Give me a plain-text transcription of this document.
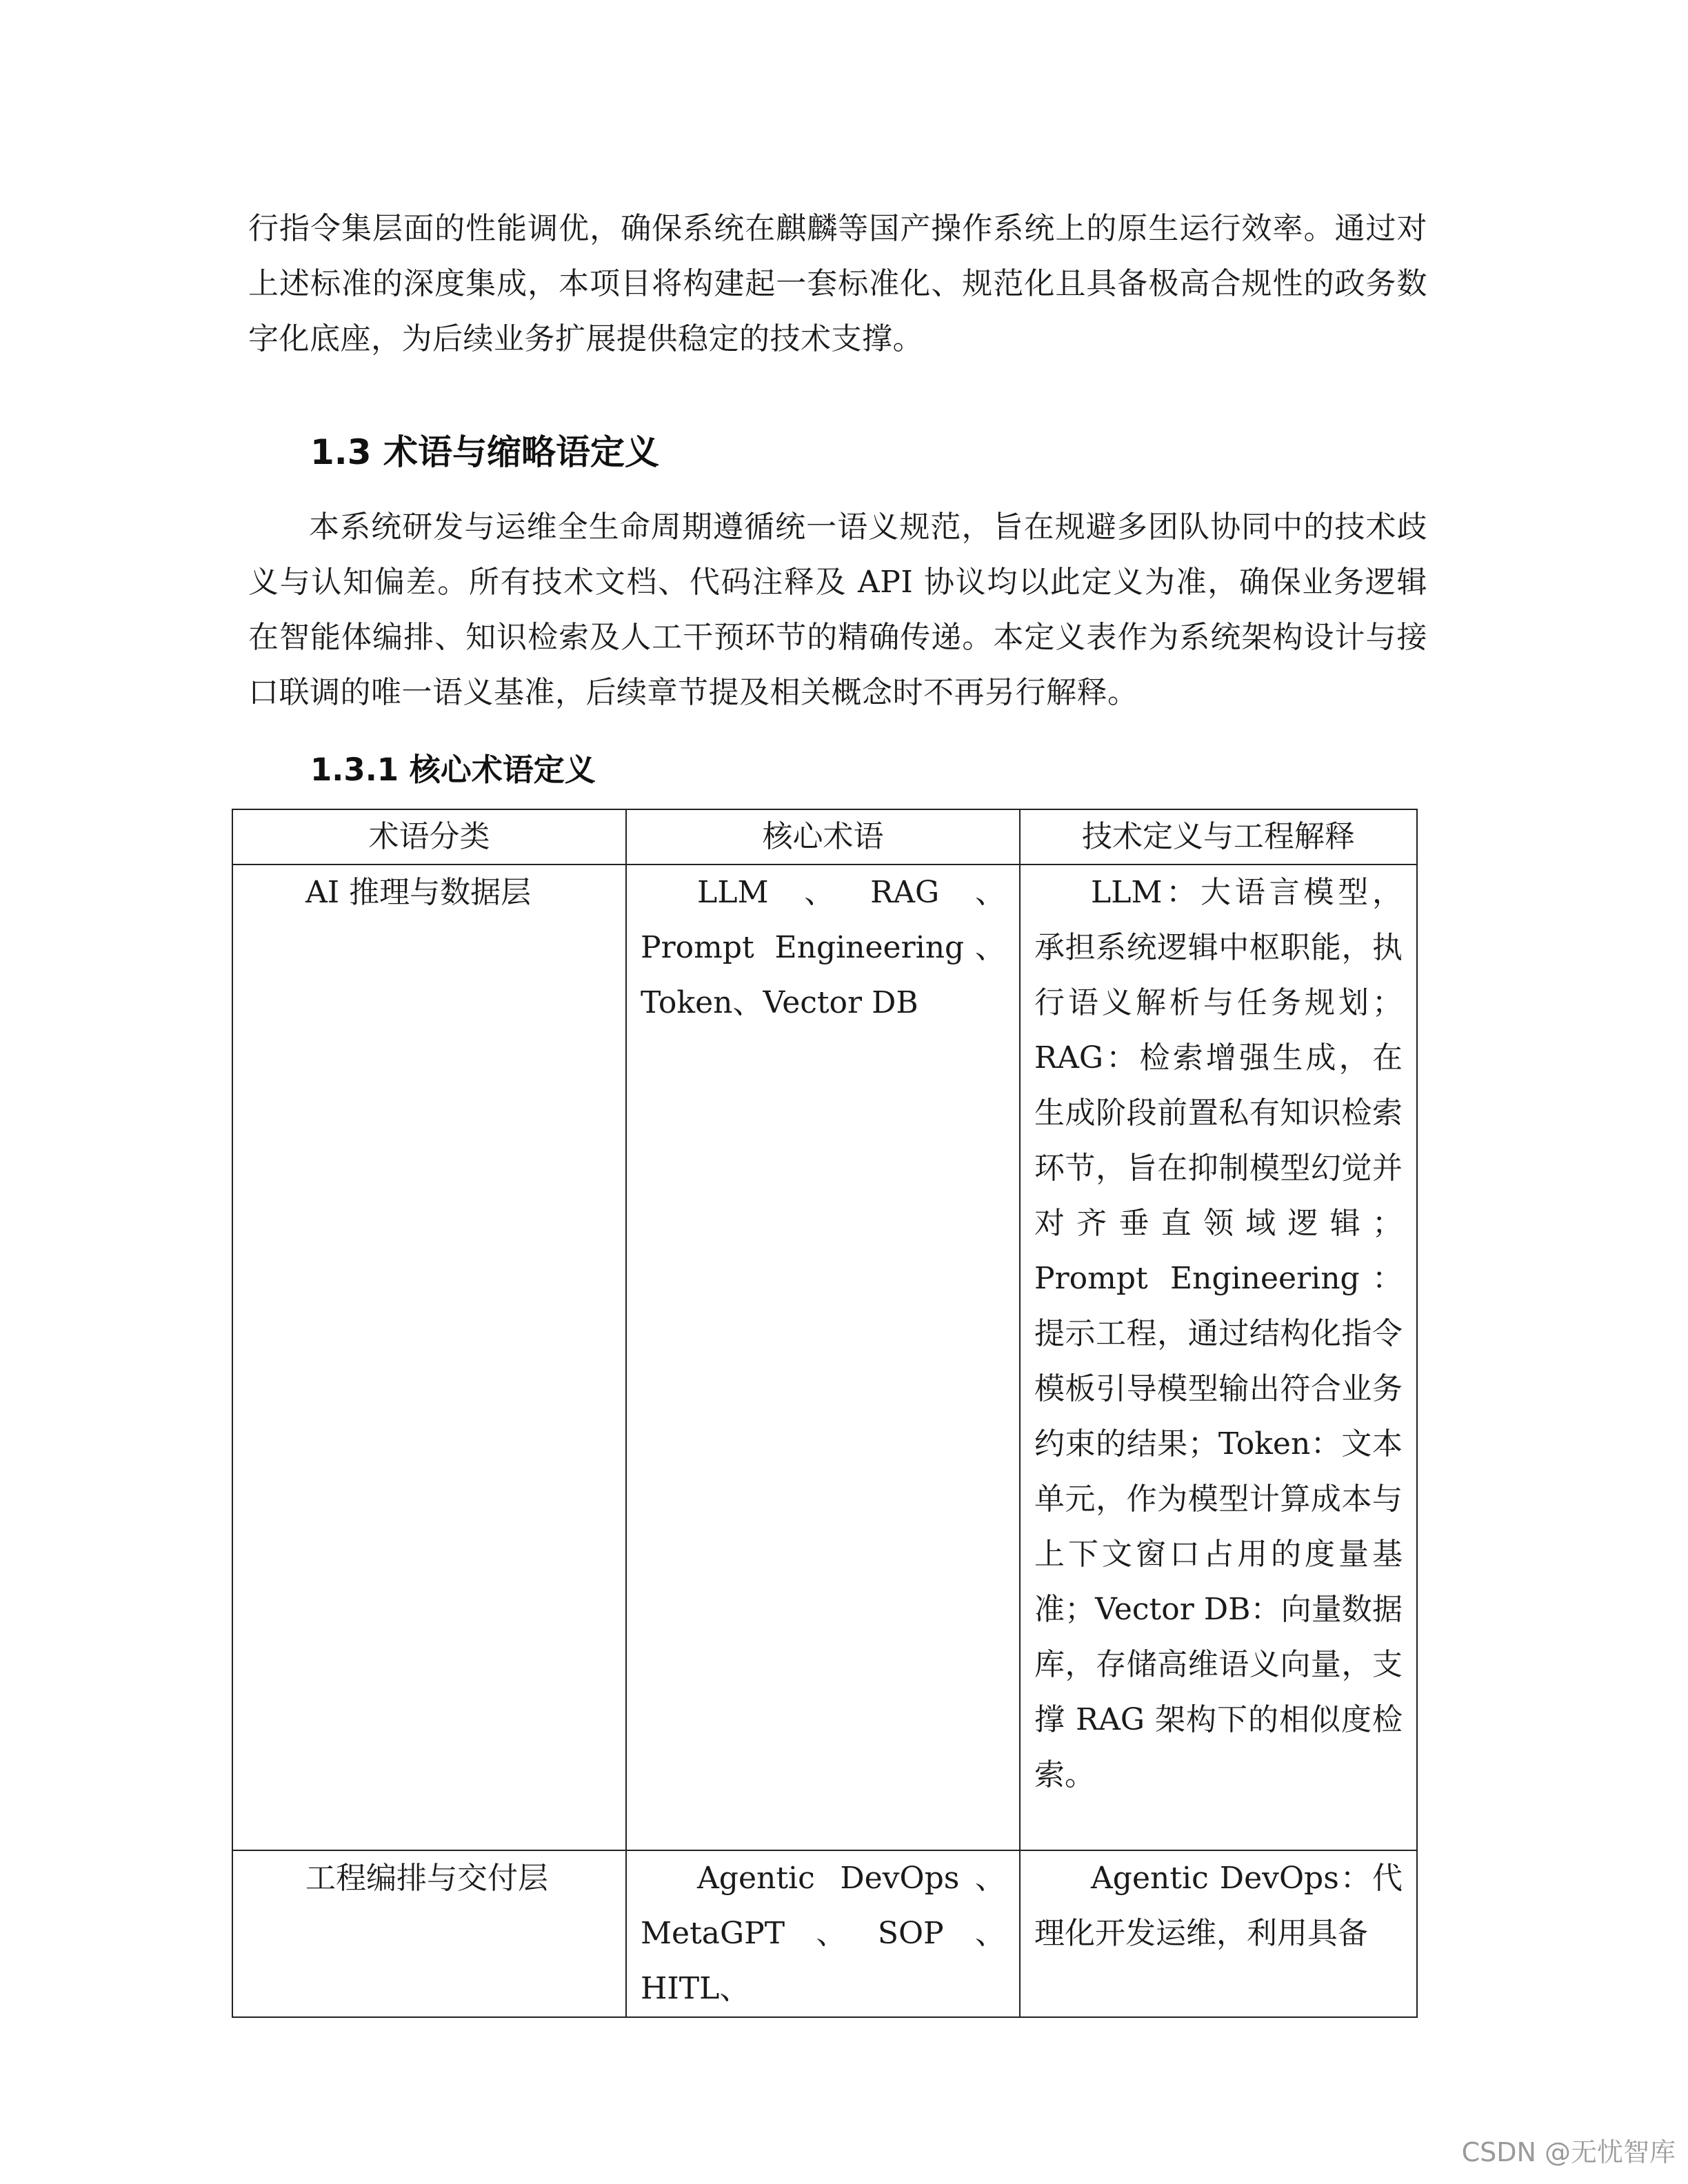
行指令集层面的性能调优，确保系统在麒麟等国产操作系统上的原生运行效率。通过对上述标准的深度集成，本项目将构建起一套标准化、规范化且具备极高合规性的政务数字化底座，为后续业务扩展提供稳定的技术支撑。

1.3 术语与缩略语定义

本系统研发与运维全生命周期遵循统一语义规范，旨在规避多团队协同中的技术歧义与认知偏差。所有技术文档、代码注释及 API 协议均以此定义为准，确保业务逻辑在智能体编排、知识检索及人工干预环节的精确传递。本定义表作为系统架构设计与接口联调的唯一语义基准，后续章节提及相关概念时不再另行解释。

1.3.1 核心术语定义
术语分类	核心术语	技术定义与工程解释
AI 推理与数据层	LLM、RAG、Prompt Engineering、Token、Vector DB	LLM：大语言模型，承担系统逻辑中枢职能，执行语义解析与任务规划；RAG：检索增强生成，在生成阶段前置私有知识检索环节，旨在抑制模型幻觉并对齐垂直领域逻辑；Prompt Engineering：提示工程，通过结构化指令模板引导模型输出符合业务约束的结果；Token：文本单元，作为模型计算成本与上下文窗口占用的度量基准；Vector DB：向量数据库，存储高维语义向量，支撑 RAG 架构下的相似度检索。
工程编排与交付层	Agentic DevOps、MetaGPT、SOP、HITL、	Agentic DevOps：代理化开发运维，利用具备

CSDN @无忧智库
